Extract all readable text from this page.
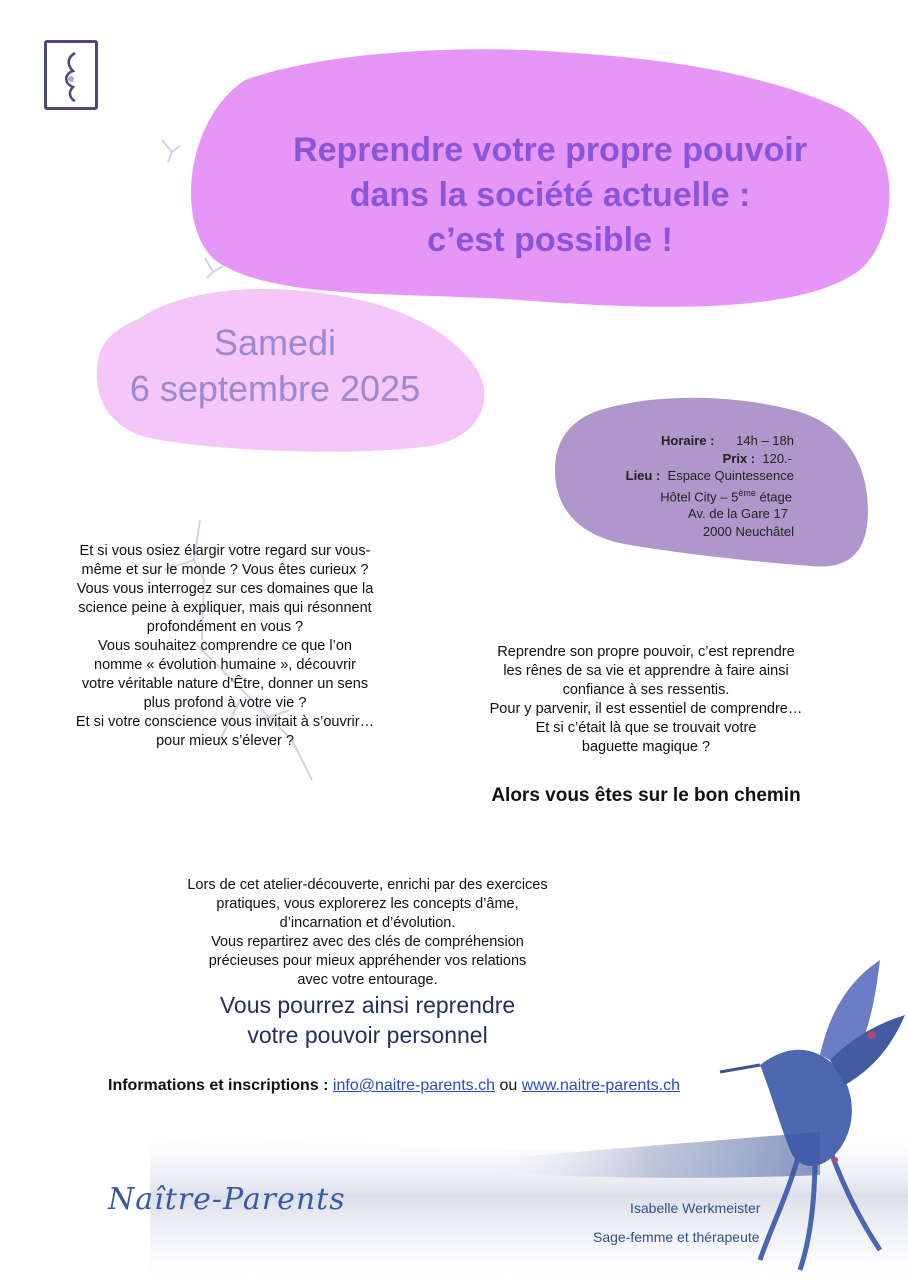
Reprendre votre propre pouvoir
dans la société actuelle :
c’est possible !
Samedi
6 septembre 2025
Horaire : 14h – 18h
Prix : 120.-
Lieu : Espace Quintessence
Hôtel City – 5ème étage
Av. de la Gare 17
2000 Neuchâtel
Et si vous osiez élargir votre regard sur vous-
même et sur le monde ? Vous êtes curieux ?
Vous vous interrogez sur ces domaines que la
science peine à expliquer, mais qui résonnent
profondément en vous ?
Vous souhaitez comprendre ce que l’on
nomme « évolution humaine », découvrir
votre véritable nature d’Être, donner un sens
plus profond à votre vie ?
Et si votre conscience vous invitait à s’ouvrir…
pour mieux s’élever ?
Reprendre son propre pouvoir, c’est reprendre
les rênes de sa vie et apprendre à faire ainsi
confiance à ses ressentis.
Pour y parvenir, il est essentiel de comprendre…
Et si c’était là que se trouvait votre
baguette magique ?
Alors vous êtes sur le bon chemin
Lors de cet atelier-découverte, enrichi par des exercices
pratiques, vous explorerez les concepts d’âme,
d’incarnation et d’évolution.
Vous repartirez avec des clés de compréhension
précieuses pour mieux appréhender vos relations
avec votre entourage.
Vous pourrez ainsi reprendre
votre pouvoir personnel
Informations et inscriptions : info@naitre-parents.ch ou www.naitre-parents.ch
Naître-Parents	Isabelle Werkmeister
Sage-femme et thérapeute
